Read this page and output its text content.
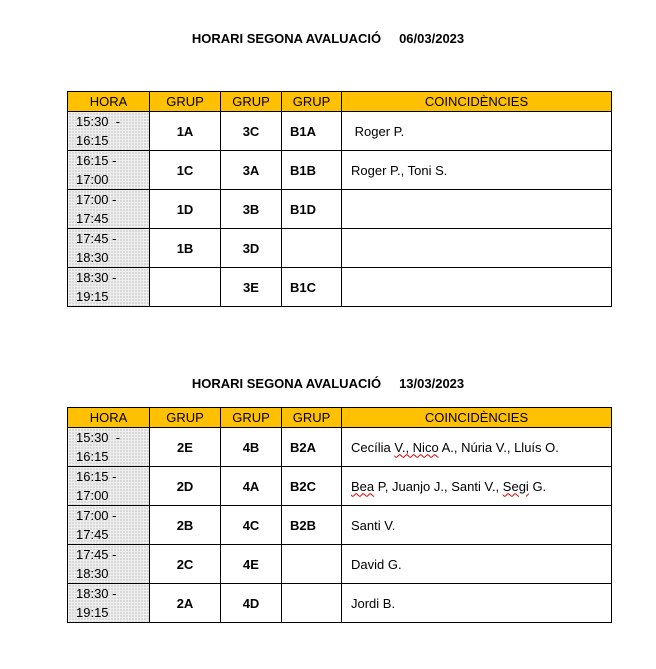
HORARI SEGONA AVALUACIÓ 06/03/2023
HORA	GRUP	GRUP	GRUP	COINCIDÈNCIES

15:30  -
16:15	1A	3C	B1A	Roger P.

16:15 -
17:00	1C	3A	B1B	Roger P., Toni S.

17:00 -
17:45	1D	3B	B1D	

17:45 -
18:30	1B	3D		

18:30 -
19:15		3E	B1C	
HORARI SEGONA AVALUACIÓ 13/03/2023
HORA	GRUP	GRUP	GRUP	COINCIDÈNCIES

15:30  -
16:15	2E	4B	B2A	Cecília V., Nico A., Núria V., Lluís O.

16:15 -
17:00	2D	4A	B2C	Bea P, Juanjo J., Santi V., Segi G.

17:00 -
17:45	2B	4C	B2B	Santi V.

17:45 -
18:30	2C	4E		David G.

18:30 -
19:15	2A	4D		Jordi B.
